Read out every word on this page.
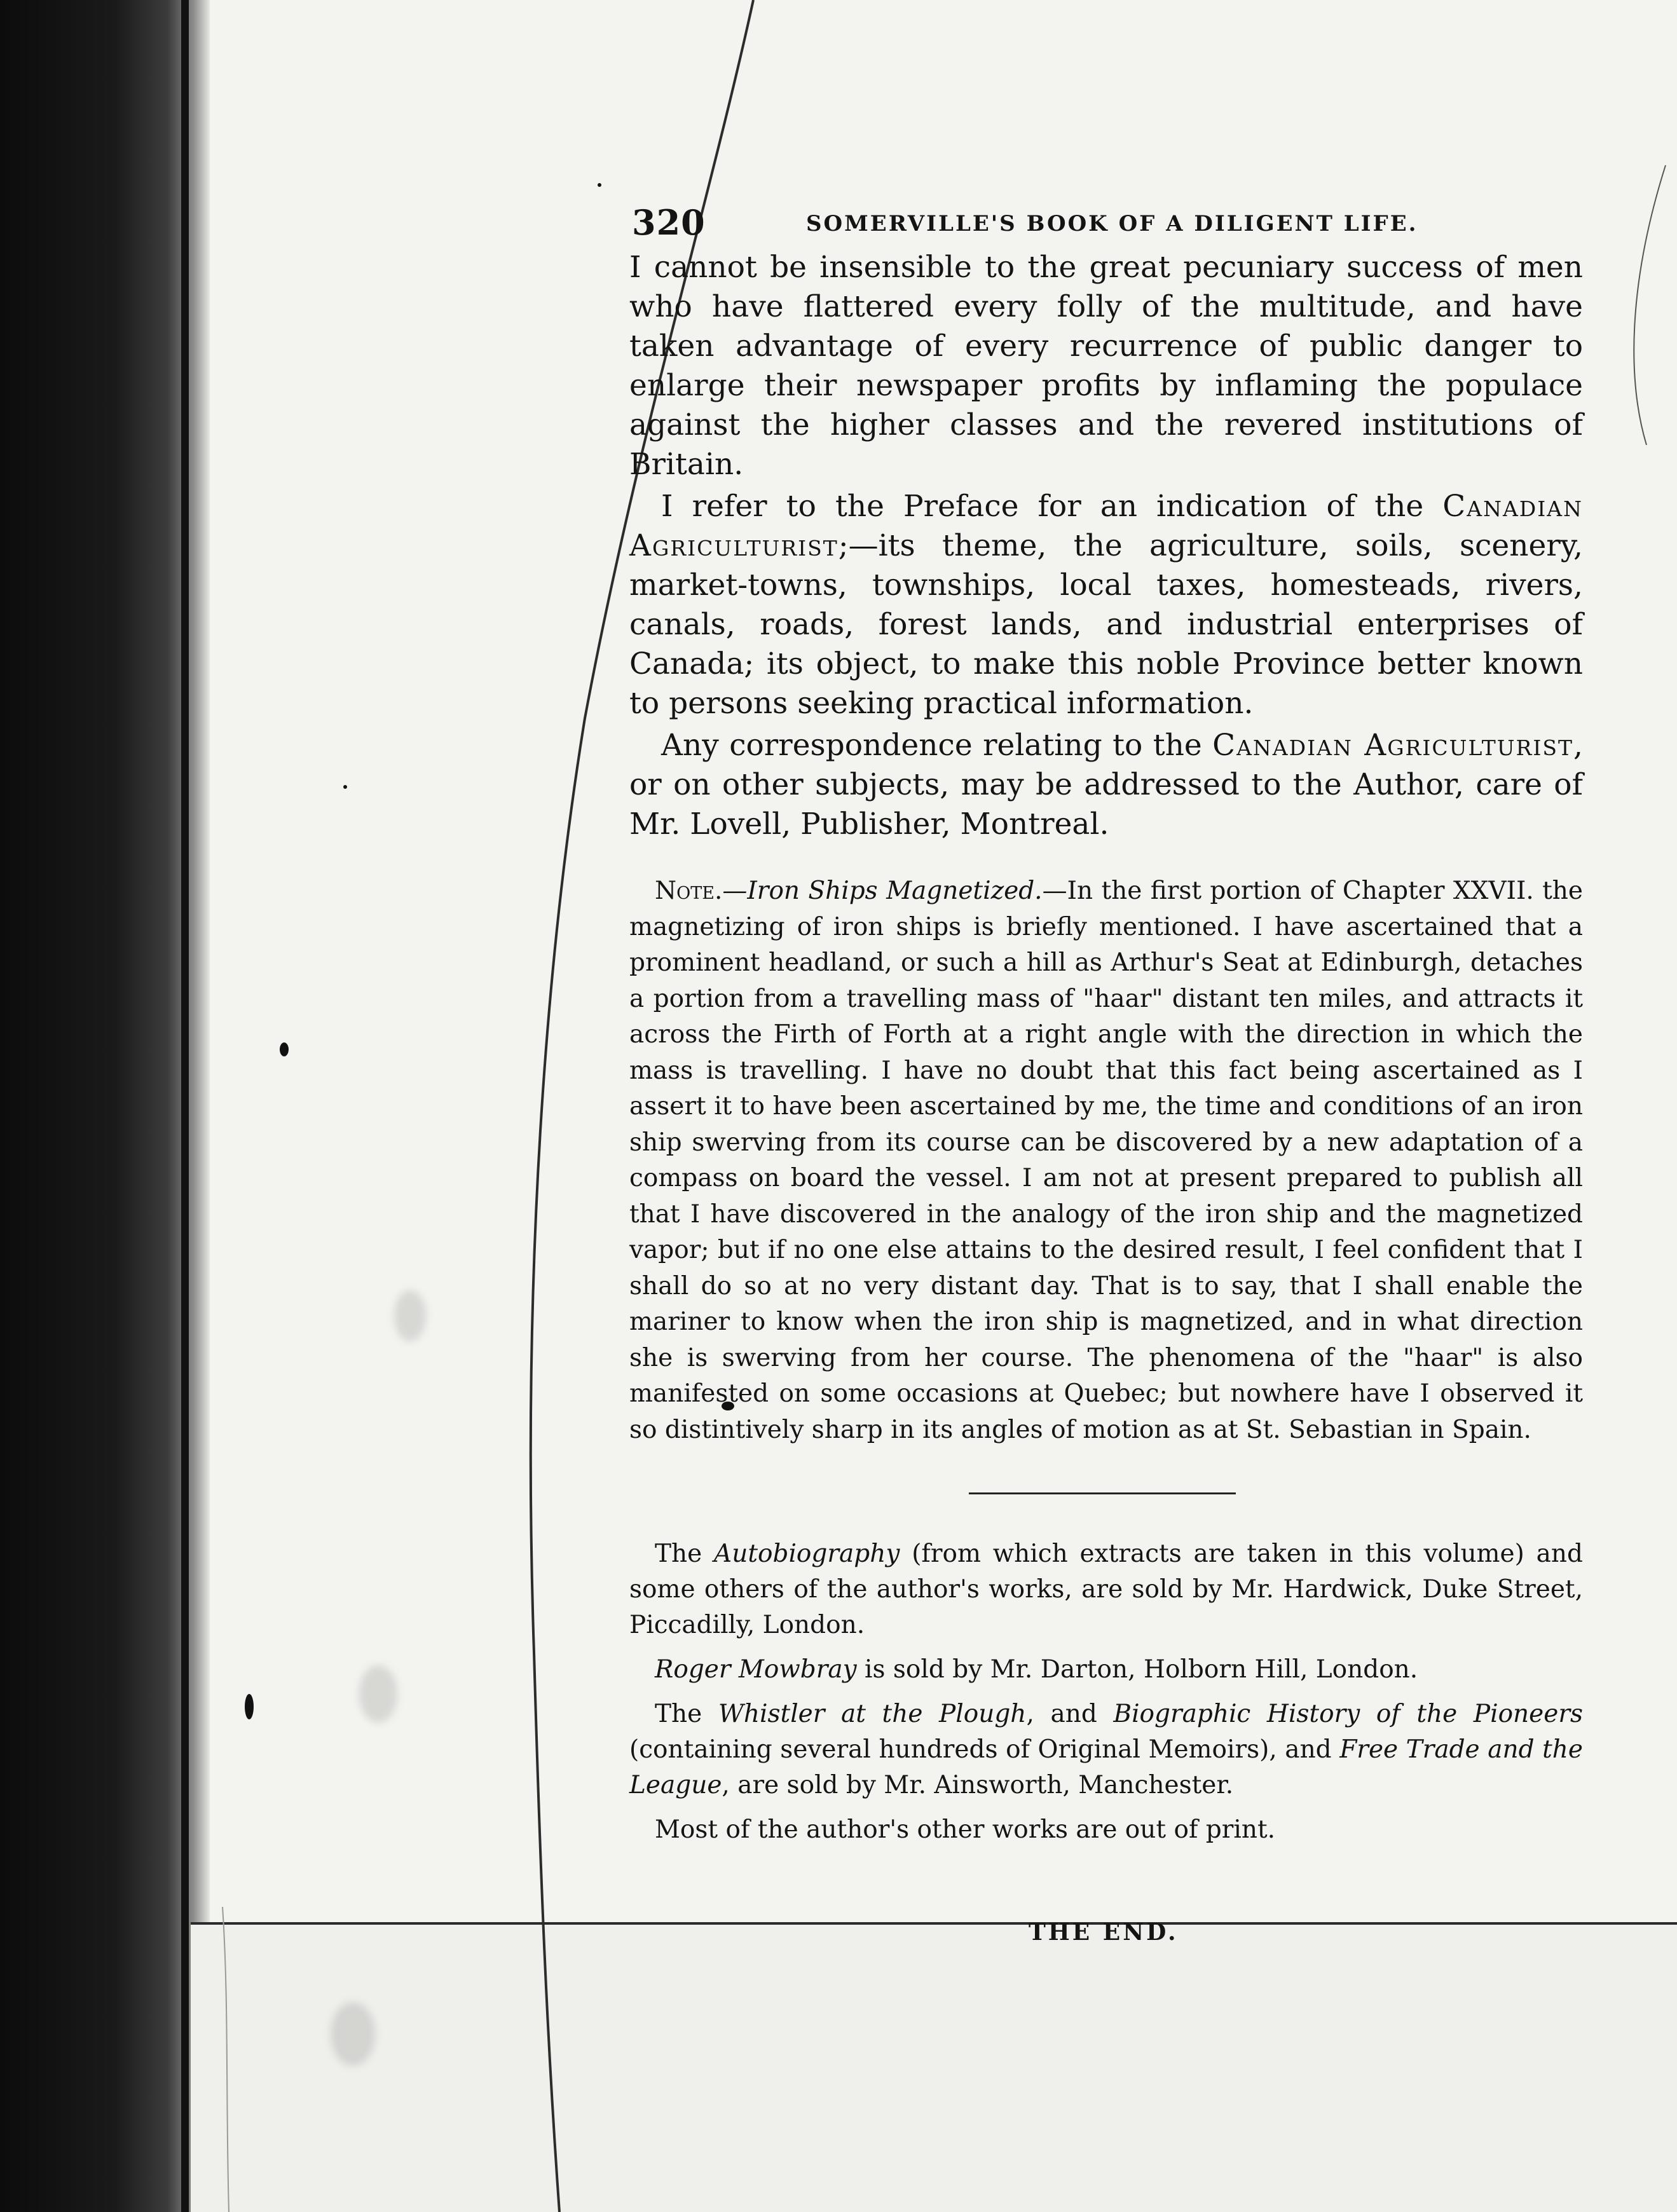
320	SOMERVILLE'S BOOK OF A DILIGENT LIFE.

I cannot be insensible to the great pecuniary success of men who have flattered every folly of the multitude, and have taken advantage of every recurrence of public danger to enlarge their newspaper profits by inflaming the populace against the higher classes and the revered institutions of Britain.

I refer to the Preface for an indication of the Canadian Agriculturist;—its theme, the agriculture, soils, scenery, market-towns, townships, local taxes, homesteads, rivers, canals, roads, forest lands, and industrial enterprises of Canada; its object, to make this noble Province better known to persons seeking practical information.

Any correspondence relating to the Canadian Agriculturist, or on other subjects, may be addressed to the Author, care of Mr. Lovell, Publisher, Montreal.

Note.—Iron Ships Magnetized.—In the first portion of Chapter XXVII. the magnetizing of iron ships is briefly mentioned. I have ascertained that a prominent headland, or such a hill as Arthur's Seat at Edinburgh, detaches a portion from a travelling mass of "haar" distant ten miles, and attracts it across the Firth of Forth at a right angle with the direction in which the mass is travelling. I have no doubt that this fact being ascertained as I assert it to have been ascertained by me, the time and conditions of an iron ship swerving from its course can be discovered by a new adaptation of a compass on board the vessel. I am not at present prepared to publish all that I have discovered in the analogy of the iron ship and the magnetized vapor; but if no one else attains to the desired result, I feel confident that I shall do so at no very distant day. That is to say, that I shall enable the mariner to know when the iron ship is magnetized, and in what direction she is swerving from her course. The phenomena of the "haar" is also manifested on some occasions at Quebec; but nowhere have I observed it so distintively sharp in its angles of motion as at St. Sebastian in Spain.

The Autobiography (from which extracts are taken in this volume) and some others of the author's works, are sold by Mr. Hardwick, Duke Street, Piccadilly, London.

Roger Mowbray is sold by Mr. Darton, Holborn Hill, London.

The Whistler at the Plough, and Biographic History of the Pioneers (containing several hundreds of Original Memoirs), and Free Trade and the League, are sold by Mr. Ainsworth, Manchester.

Most of the author's other works are out of print.

THE END.
